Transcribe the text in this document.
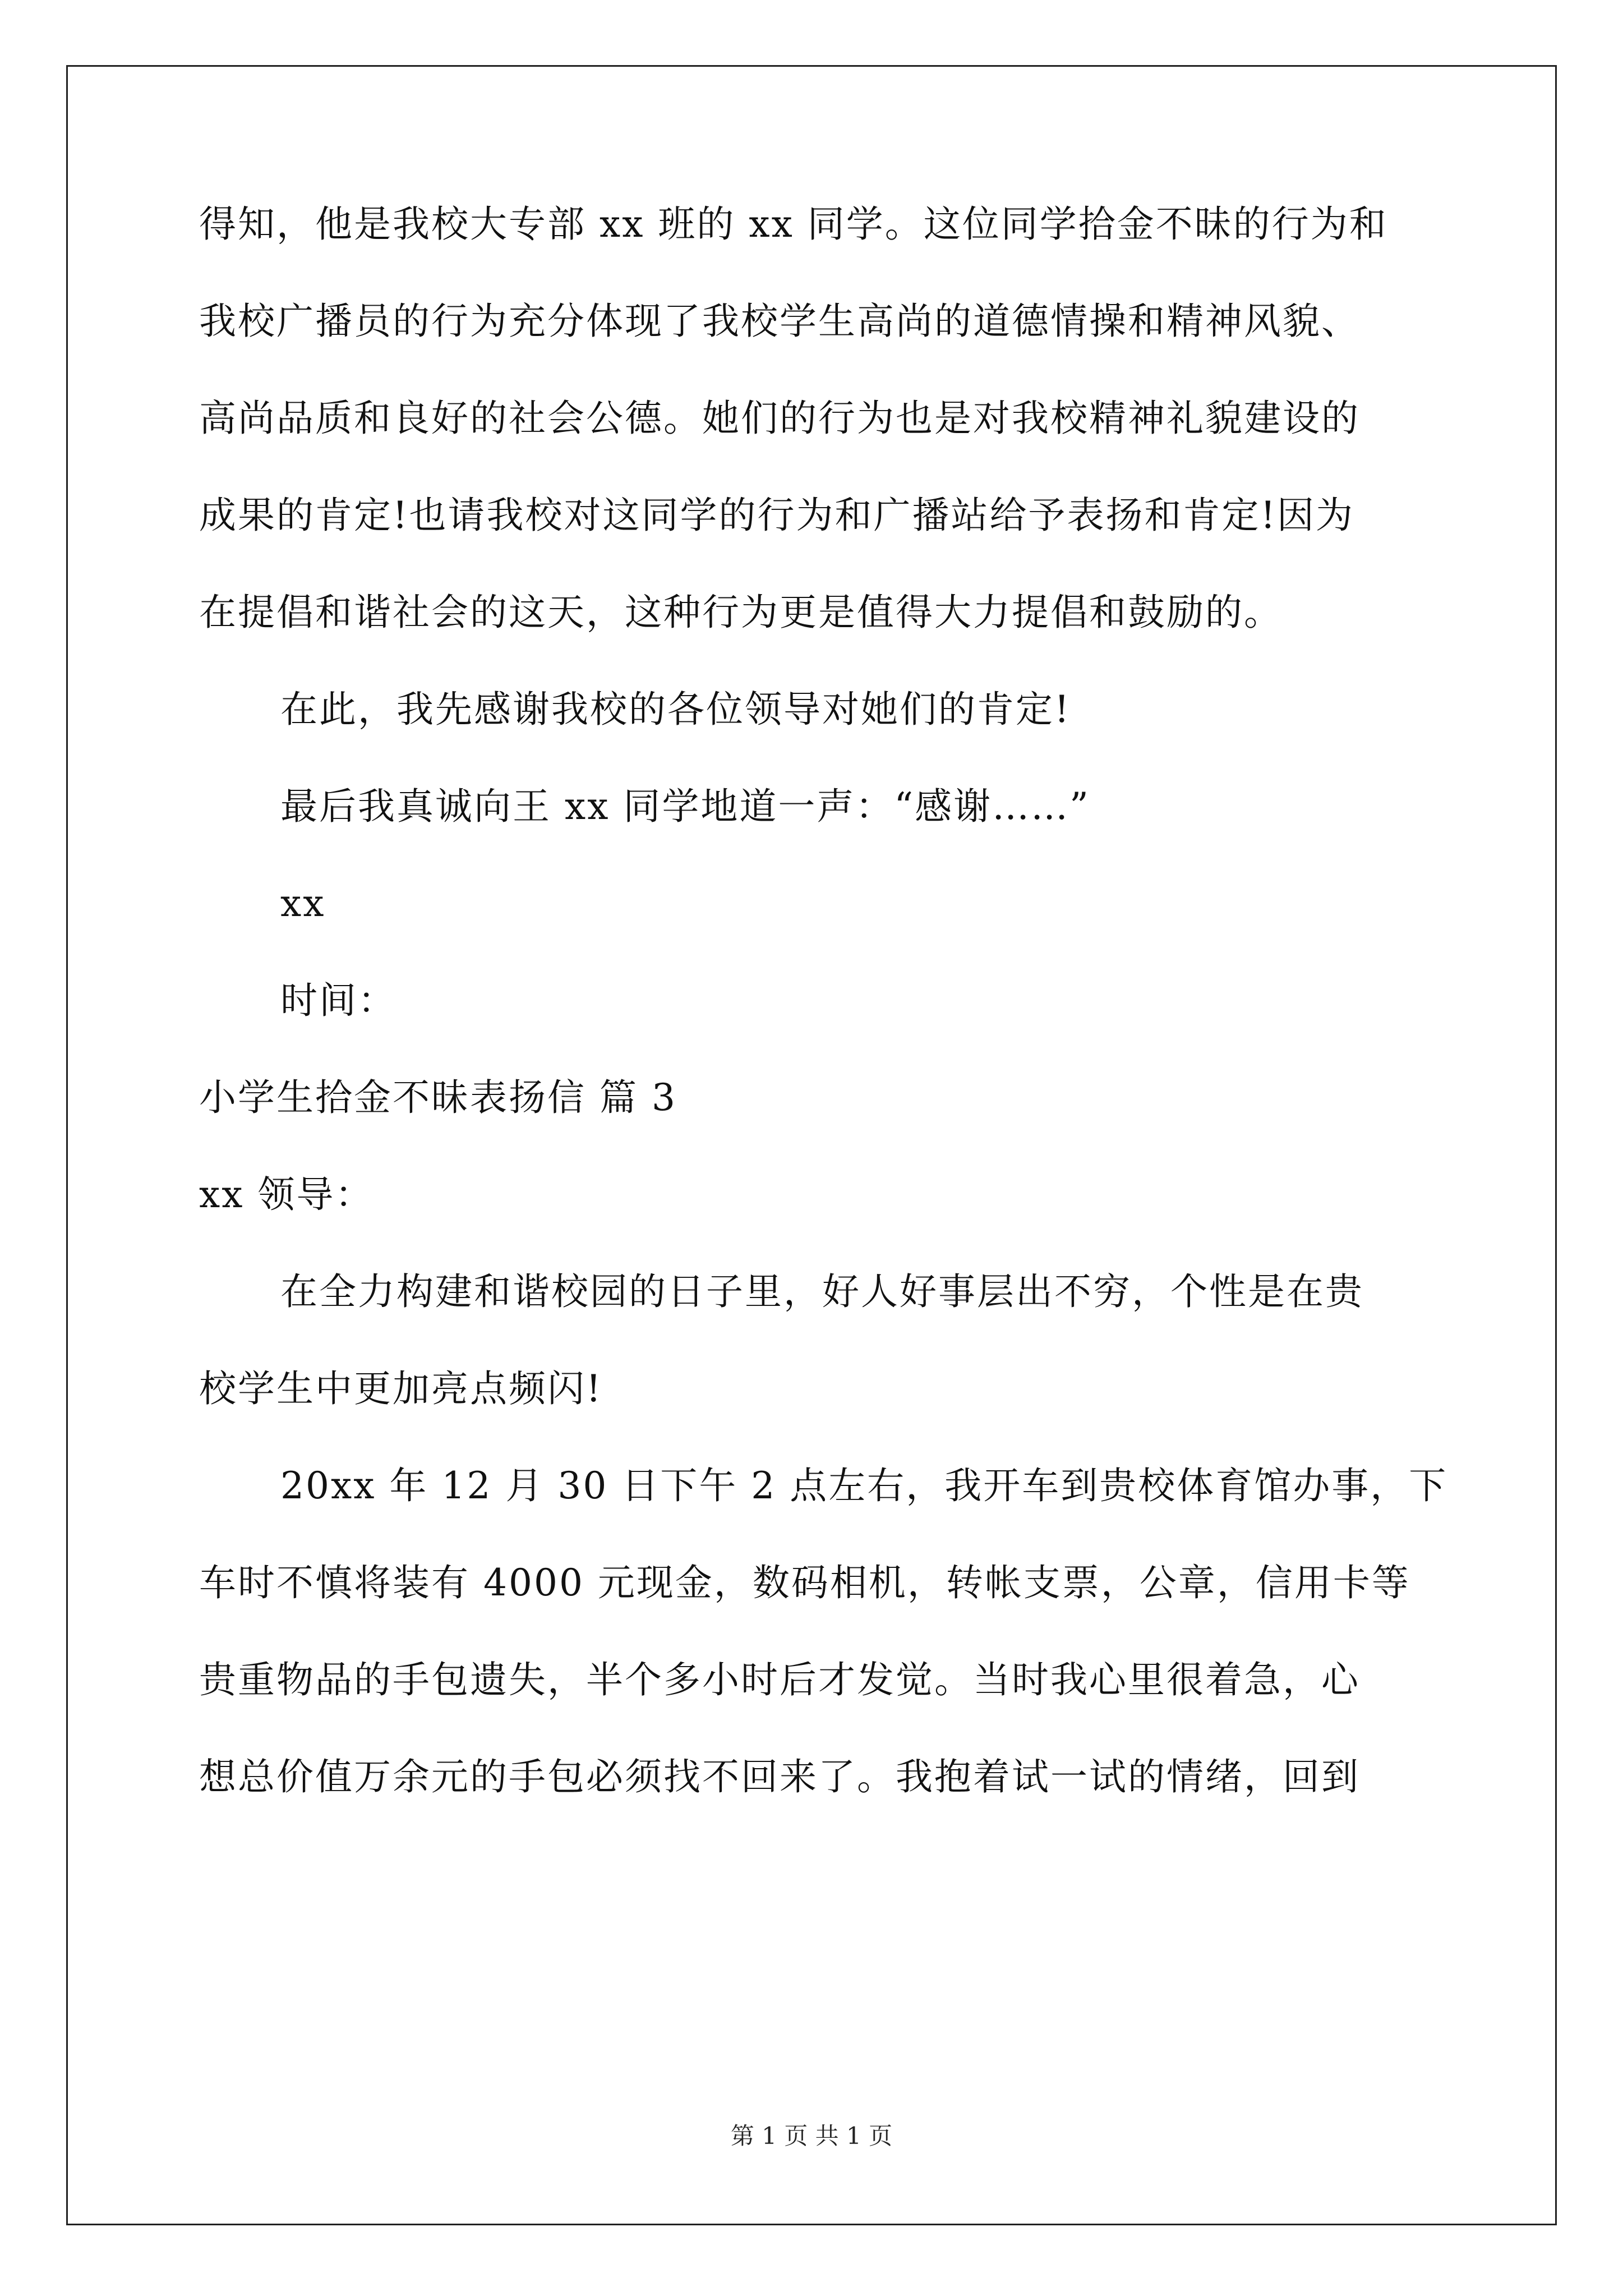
得知，他是我校大专部 xx 班的 xx 同学。这位同学拾金不昧的行为和
我校广播员的行为充分体现了我校学生高尚的道德情操和精神风貌、
高尚品质和良好的社会公德。她们的行为也是对我校精神礼貌建设的
成果的肯定!也请我校对这同学的行为和广播站给予表扬和肯定!因为
在提倡和谐社会的这天，这种行为更是值得大力提倡和鼓励的。
在此，我先感谢我校的各位领导对她们的肯定!
最后我真诚向王 xx 同学地道一声：“感谢……”
xx
时间：
小学生拾金不昧表扬信 篇 3
xx 领导：
在全力构建和谐校园的日子里，好人好事层出不穷，个性是在贵
校学生中更加亮点频闪!
20xx 年 12 月 30 日下午 2 点左右，我开车到贵校体育馆办事，下
车时不慎将装有 4000 元现金，数码相机，转帐支票，公章，信用卡等
贵重物品的手包遗失，半个多小时后才发觉。当时我心里很着急，心
想总价值万余元的手包必须找不回来了。我抱着试一试的情绪，回到
第 1 页 共 1 页
